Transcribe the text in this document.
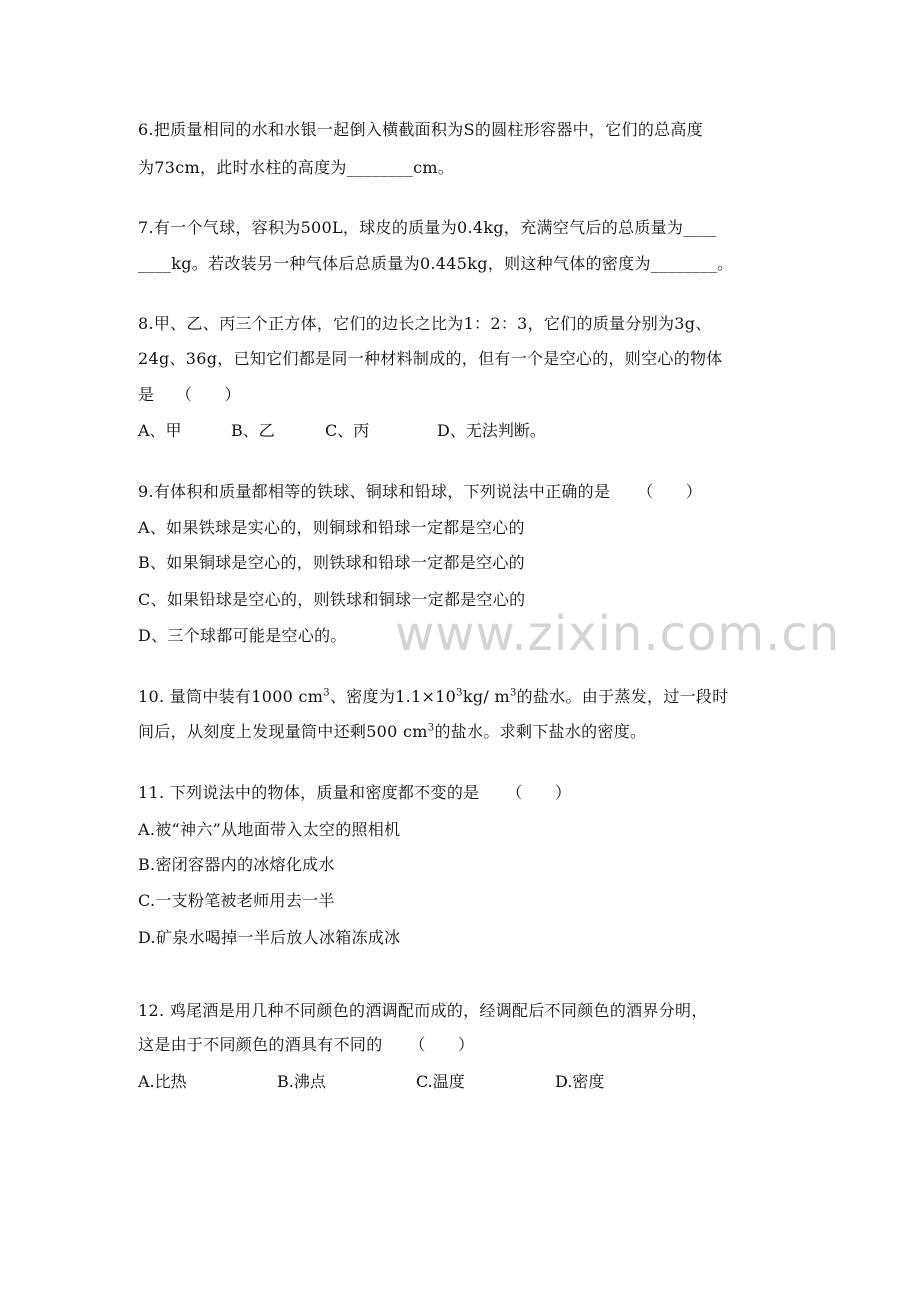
www.zixin.com.cn
6.把质量相同的水和水银一起倒入横截面积为S的圆柱形容器中，它们的总高度
为73cm，此时水柱的高度为________cm。
7.有一个气球，容积为500L，球皮的质量为0.4kg，充满空气后的总质量为____
____kg。若改装另一种气体后总质量为0.445kg，则这种气体的密度为________。
8.甲、乙、丙三个正方体，它们的边长之比为1：2：3，它们的质量分别为3g、
24g、36g，已知它们都是同一种材料制成的，但有一个是空心的，则空心的物体
是    （      ）
A、甲	B、乙	C、丙	D、无法判断。
9.有体积和质量都相等的铁球、铜球和铅球，下列说法中正确的是     （      ）
A、如果铁球是实心的，则铜球和铅球一定都是空心的
B、如果铜球是空心的，则铁球和铅球一定都是空心的
C、如果铅球是空心的，则铁球和铜球一定都是空心的
D、三个球都可能是空心的。
10. 量筒中装有1000 $cm^3$、密度为$1.1\times 10^3kg/$ $m^3$的盐水。由于蒸发，过一段时
间后，从刻度上发现量筒中还剩500 $cm^3$的盐水。求剩下盐水的密度。
11. 下列说法中的物体，质量和密度都不变的是     （      ）
A.被“神六”从地面带入太空的照相机
B.密闭容器内的冰熔化成水
C.一支粉笔被老师用去一半
D.矿泉水喝掉一半后放人冰箱冻成冰
12. 鸡尾酒是用几种不同颜色的酒调配而成的，经调配后不同颜色的酒界分明，
这是由于不同颜色的酒具有不同的     （      ）
A.比热	B.沸点	C.温度	D.密度
